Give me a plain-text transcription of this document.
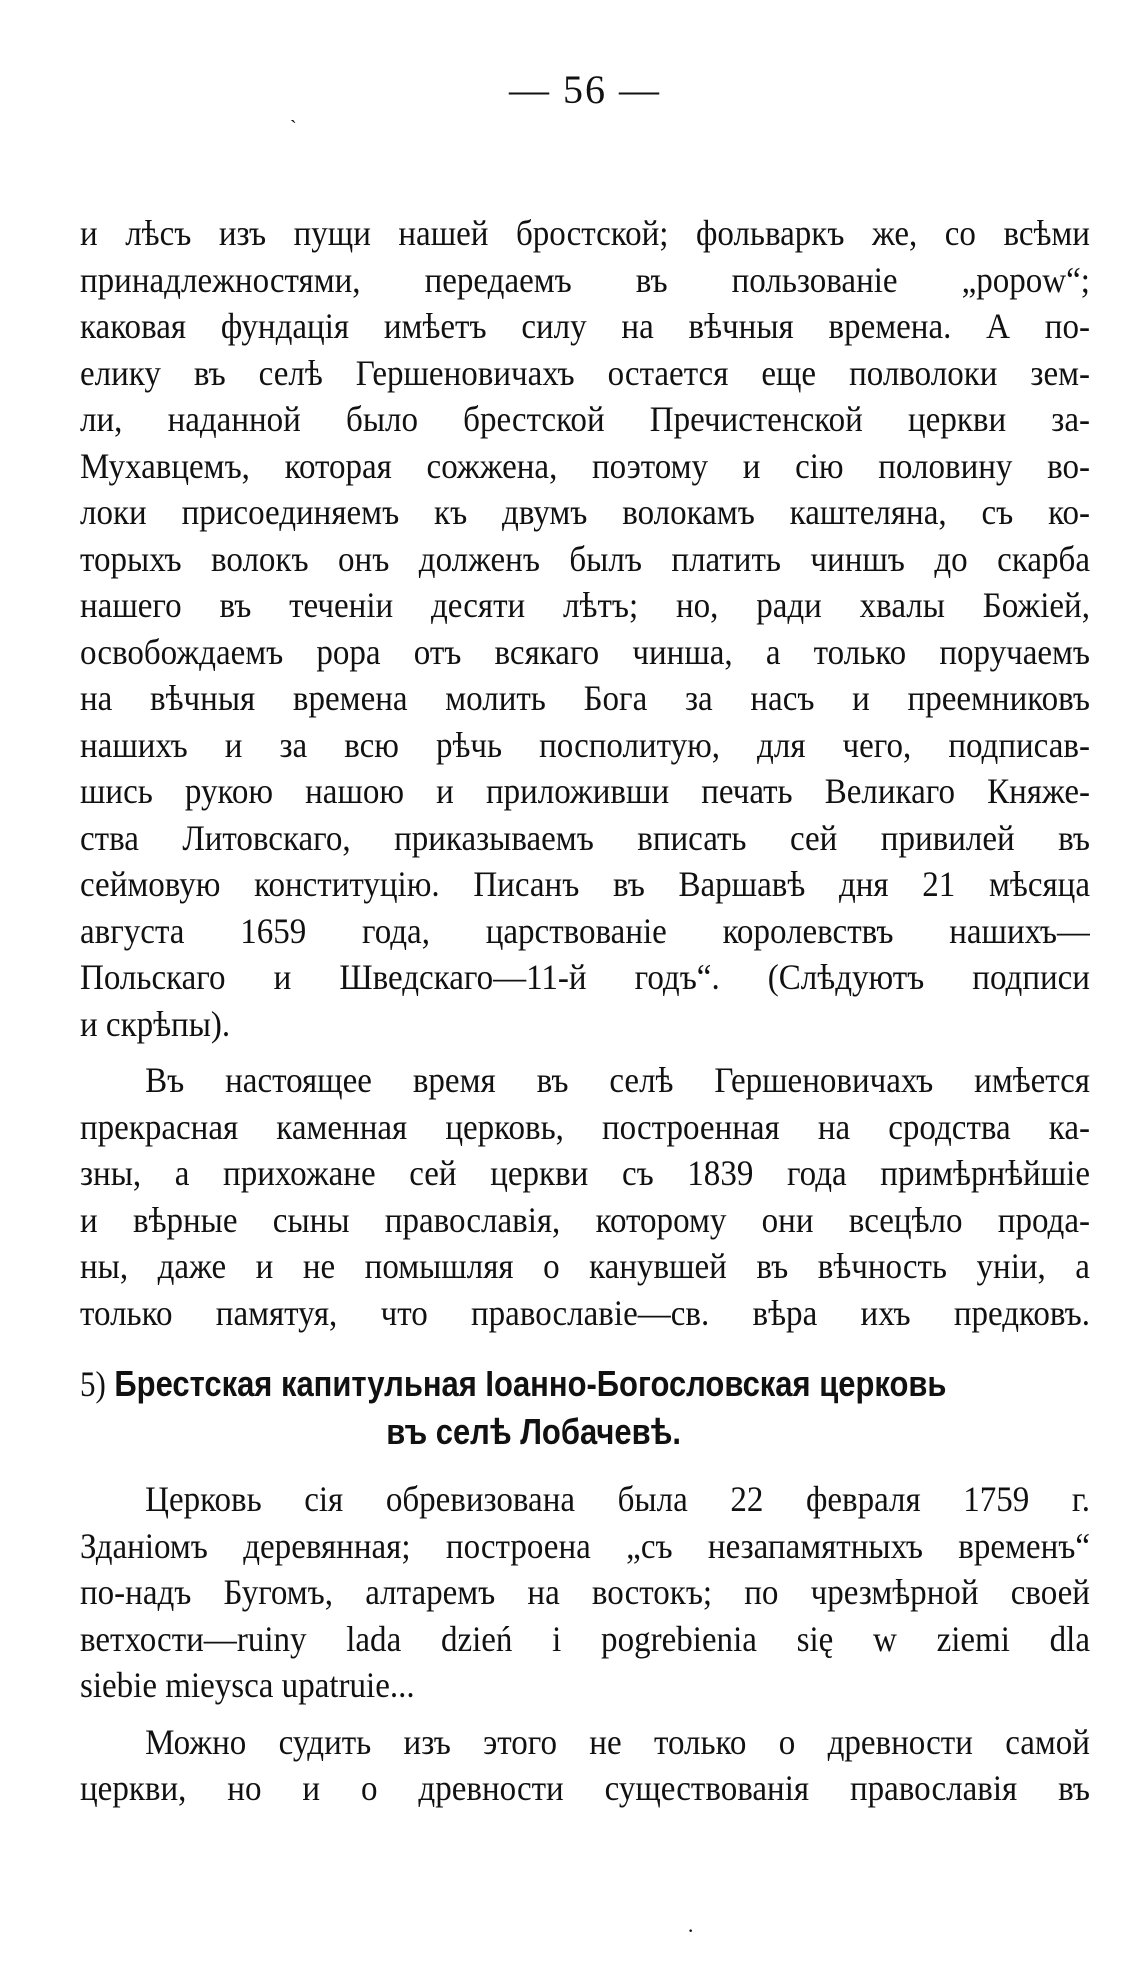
ˋ
— 56 —
и лѣсъ изъ пущи нашей бростской; фольваркъ же, со всѣми
принадлежностями, передаемъ въ пользованіе „popow“;
каковая фундація имѣетъ силу на вѣчныя времена. А по-
елику въ селѣ Гершеновичахъ остается еще полволоки зем-
ли, наданной было брестской Пречистенской церкви за-
Мухавцемъ, которая сожжена, поэтому и сію половину во-
локи присоединяемъ къ двумъ волокамъ каштеляна, съ ко-
торыхъ волокъ онъ долженъ былъ платить чиншъ до скарба
нашего въ теченіи десяти лѣтъ; но, ради хвалы Божіей,
освобождаемъ popa отъ всякаго чинша, а только поручаемъ
на вѣчныя времена молить Бога за насъ и преемниковъ
нашихъ и за всю рѣчь посполитую, для чего, подписав-
шись рукою нашою и приложивши печать Великаго Княже-
ства Литовскаго, приказываемъ вписать сей привилей въ
сеймовую конституцію. Писанъ въ Варшавѣ дня 21 мѣсяца
августа 1659 года, царствованіе королевствъ нашихъ—
Польскаго и Шведскаго—11-й годъ“. (Слѣдуютъ подписи
и скрѣпы).
Въ настоящее время въ селѣ Гершеновичахъ имѣется
прекрасная каменная церковь, построенная на сродства ка-
зны, а прихожане сей церкви съ 1839 года примѣрнѣйшіе
и вѣрные сыны православія, которому они всецѣло прода-
ны, даже и не помышляя о канувшей въ вѣчность уніи, а
только памятуя, что православіе—св. вѣра ихъ предковъ.
5) Брестская капитульная Іоанно-Богословская церковь
въ селѣ Лобачевѣ.
Церковь сія обревизована была 22 февраля 1759 г.
Зданіомъ деревянная; построена „съ незапамятныхъ временъ“
по-надъ Бугомъ, алтаремъ на востокъ; по чрезмѣрной своей
ветхости—ruiny lada dzień i pogrebienia się w ziemi dla
siebie mieysca upatruie...
Можно судить изъ этого не только о древности самой
церкви, но и о древности существованія православія въ
·
